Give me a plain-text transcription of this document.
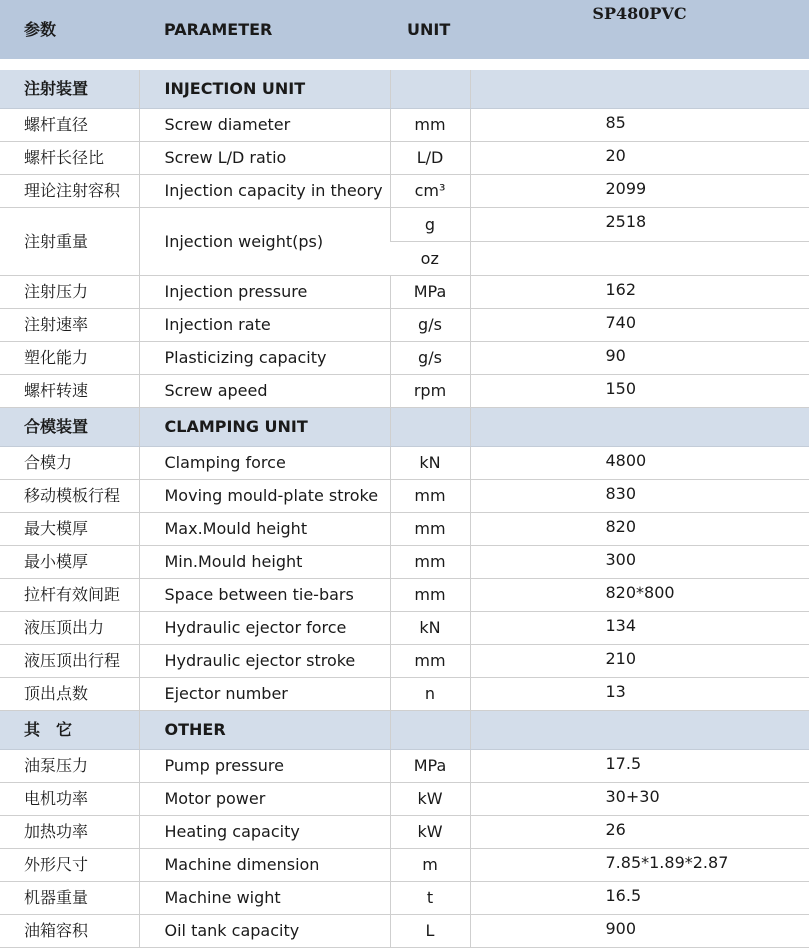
参数	PARAMETER	UNIT	SP480PVC

注射装置	INJECTION UNIT		
螺杆直径	Screw diameter	mm	85
螺杆长径比	Screw L/D ratio	L/D	20
理论注射容积	Injection capacity in theory	cm³	2099
注射重量	Injection weight(ps)	g	2518
		oz	
注射压力	Injection pressure	MPa	162
注射速率	Injection rate	g/s	740
塑化能力	Plasticizing capacity	g/s	90
螺杆转速	Screw apeed	rpm	150
合模装置	CLAMPING UNIT		
合模力	Clamping force	kN	4800
移动模板行程	Moving mould-plate stroke	mm	830
最大模厚	Max.Mould height	mm	820
最小模厚	Min.Mould height	mm	300
拉杆有效间距	Space between tie-bars	mm	820*800
液压顶出力	Hydraulic ejector force	kN	134
液压顶出行程	Hydraulic ejector stroke	mm	210
顶出点数	Ejector number	n	13
其　它	OTHER		
油泵压力	Pump pressure	MPa	17.5
电机功率	Motor power	kW	30+30
加热功率	Heating capacity	kW	26
外形尺寸	Machine dimension	m	7.85*1.89*2.87
机器重量	Machine wight	t	16.5
油箱容积	Oil tank capacity	L	900
